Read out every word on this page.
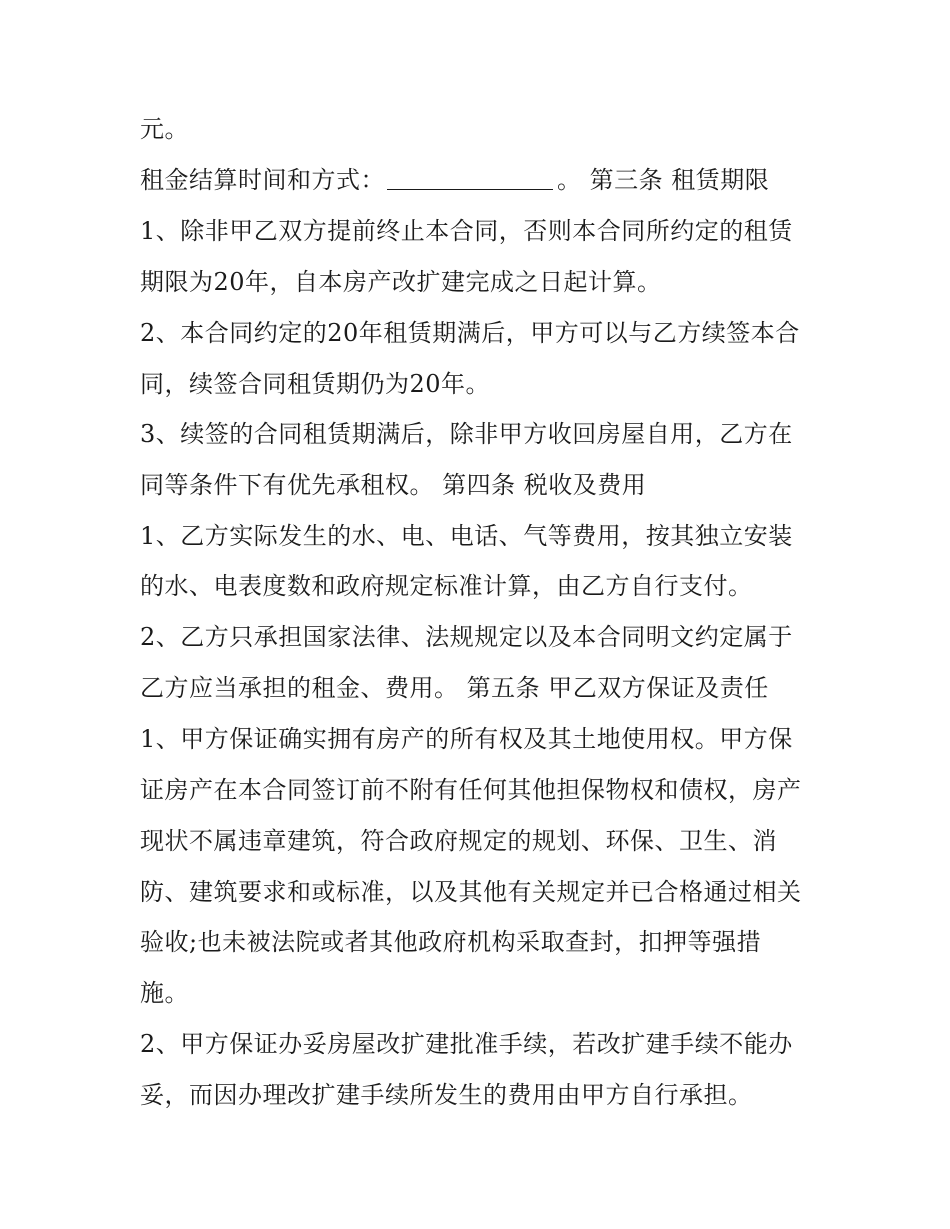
元。
租金结算时间和方式：	。 第三条 租赁期限
1、除非甲乙双方提前终止本合同，否则本合同所约定的租赁
期限为20年，自本房产改扩建完成之日起计算。
2、本合同约定的20年租赁期满后，甲方可以与乙方续签本合
同，续签合同租赁期仍为20年。
3、续签的合同租赁期满后，除非甲方收回房屋自用，乙方在
同等条件下有优先承租权。 第四条 税收及费用
1、乙方实际发生的水、电、电话、气等费用，按其独立安装
的水、电表度数和政府规定标准计算，由乙方自行支付。
2、乙方只承担国家法律、法规规定以及本合同明文约定属于
乙方应当承担的租金、费用。 第五条 甲乙双方保证及责任
1、甲方保证确实拥有房产的所有权及其土地使用权。甲方保
证房产在本合同签订前不附有任何其他担保物权和债权，房产
现状不属违章建筑，符合政府规定的规划、环保、卫生、消
防、建筑要求和或标准，以及其他有关规定并已合格通过相关
验收;也未被法院或者其他政府机构采取查封，扣押等强措
施。
2、甲方保证办妥房屋改扩建批准手续，若改扩建手续不能办
妥，而因办理改扩建手续所发生的费用由甲方自行承担。
